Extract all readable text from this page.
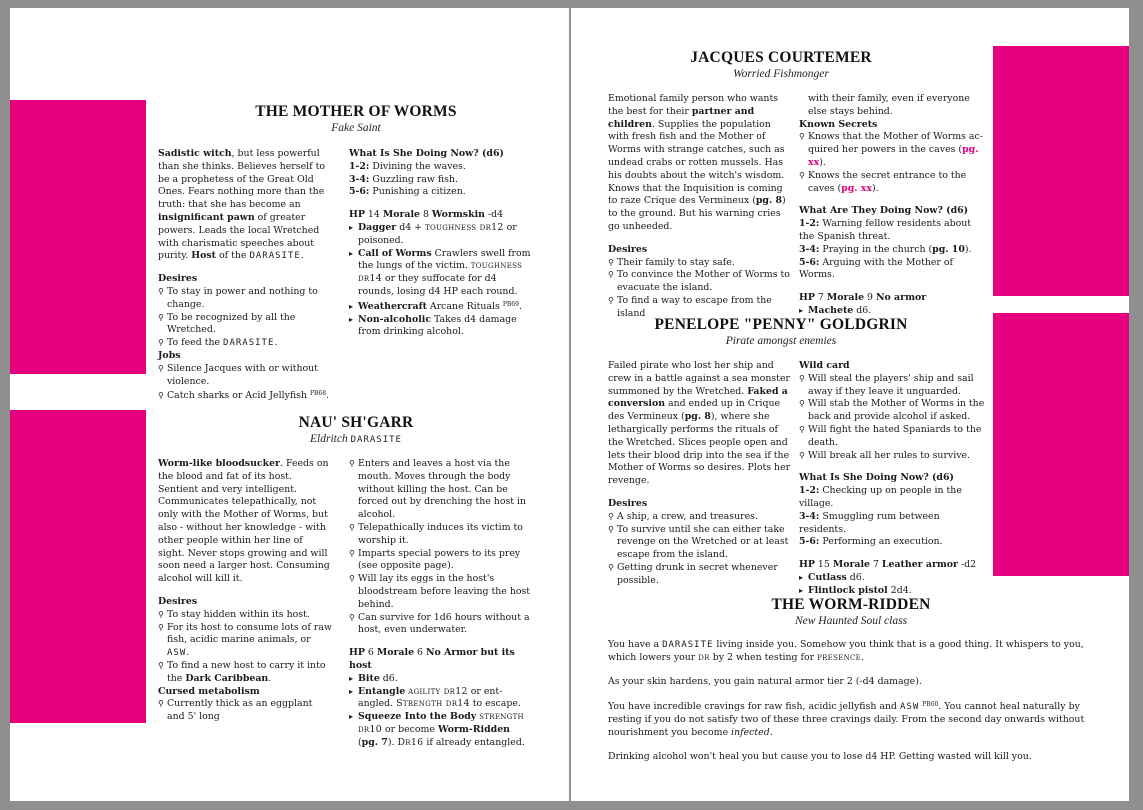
THE MOTHER OF WORMS
Fake Saint

Sadistic witch, but less powerful than she thinks. Believes herself to be a prophetess of the Great Old Ones. Fears nothing more than the truth: that she has become an insignificant pawn of greater powers. Leads the local Wretched with charismatic speeches about purity. Host of the DARASITE.

Desires

⚲ To stay in power and nothing to change.

⚲ To be recognized by all the Wretched.

⚲ To feed the DARASITE.

Jobs

⚲ Silence Jacques with or without violence.

⚲ Catch sharks or Acid Jellyfish $^{PB68}$.

What Is She Doing Now? (d6)

1-2: Divining the waves.

3-4: Guzzling raw fish.

5-6: Punishing a citizen.

HP 14 Morale 8 Wormskin -d4

▸ Dagger d4 + toughness dr12 or poisoned.

▸ Call of Worms Crawlers swell from the lungs of the victim. toughness dr14 or they suffocate for d4 rounds, losing d4 HP each round.

▸ Weathercraft Arcane Rituals $^{PB69}$.

▸ Non-alcoholic Takes d4 damage from drinking alcohol.

NAU' SH'GARR
Eldritch DARASITE

Worm-like bloodsucker. Feeds on the blood and fat of its host. Sentient and very intelligent. Communicates telepathically, not only with the Mother of Worms, but also - without her knowledge - with other people within her line of sight. Never stops growing and will soon need a larger host. Consuming alcohol will kill it.

Desires

⚲ To stay hidden within its host.

⚲ For its host to consume lots of raw fish, acidic marine animals, or ASW.

⚲ To find a new host to carry it into the Dark Caribbean.

Cursed metabolism

⚲ Currently thick as an eggplant and 5' long

⚲ Enters and leaves a host via the mouth. Moves through the body without killing the host. Can be forced out by drenching the host in alcohol.

⚲ Telepathically induces its victim to worship it.

⚲ Imparts special powers to its prey (see opposite page).

⚲ Will lay its eggs in the host's bloodstream before leaving the host behind.

⚲ Can survive for 1d6 hours without a host, even underwater.

HP 6 Morale 6 No Armor but its host

▸ Bite d6.

▸ Entangle agility dr12 or ent-angled. Strength dr14 to escape.

▸ Squeeze Into the Body strength dr10 or become Worm-Ridden (pg. 7). Dr16 if already entangled.

JACQUES COURTEMER
Worried Fishmonger

Emotional family person who wants the best for their partner and children. Supplies the population with fresh fish and the Mother of Worms with strange catches, such as undead crabs or rotten mussels. Has his doubts about the witch's wisdom. Knows that the Inquisition is coming to raze Crique des Vermineux (pg. 8) to the ground. But his warning cries go unheeded.

Desires

⚲ Their family to stay safe.

⚲ To convince the Mother of Worms to evacuate the island.

⚲ To find a way to escape from the island

with their family, even if everyone else stays behind.

Known Secrets

⚲ Knows that the Mother of Worms ac-quired her powers in the caves (pg. xx).

⚲ Knows the secret entrance to the caves (pg. xx).

What Are They Doing Now? (d6)

1-2: Warning fellow residents about the Spanish threat.

3-4: Praying in the church (pg. 10).

5-6: Arguing with the Mother of Worms.

HP 7 Morale 9 No armor

▸ Machete d6.

PENELOPE "PENNY" GOLDGRIN
Pirate amongst enemies

Failed pirate who lost her ship and crew in a battle against a sea monster summoned by the Wretched. Faked a conversion and ended up in Crique des Vermineux (pg. 8), where she lethargically performs the rituals of the Wretched. Slices people open and lets their blood drip into the sea if the Mother of Worms so desires. Plots her revenge.

Desires

⚲ A ship, a crew, and treasures.

⚲ To survive until she can either take revenge on the Wretched or at least escape from the island.

⚲ Getting drunk in secret whenever possible.

Wild card

⚲ Will steal the players' ship and sail away if they leave it unguarded.

⚲ Will stab the Mother of Worms in the back and provide alcohol if asked.

⚲ Will fight the hated Spaniards to the death.

⚲ Will break all her rules to survive.

What Is She Doing Now? (d6)

1-2: Checking up on people in the village.

3-4: Smuggling rum between residents.

5-6: Performing an execution.

HP 15 Morale 7 Leather armor -d2

▸ Cutlass d6.

▸ Flintlock pistol 2d4.

THE WORM-RIDDEN
New Haunted Soul class

You have a DARASITE living inside you. Somehow you think that is a good thing. It whispers to you, which lowers your dr by 2 when testing for presence.

As your skin hardens, you gain natural armor tier 2 (-d4 damage).

You have incredible cravings for raw fish, acidic jellyfish and ASW $^{PB60}$. You cannot heal naturally by resting if you do not satisfy two of these three cravings daily. From the second day onwards without nourishment you become infected.

Drinking alcohol won't heal you but cause you to lose d4 HP. Getting wasted will kill you.
